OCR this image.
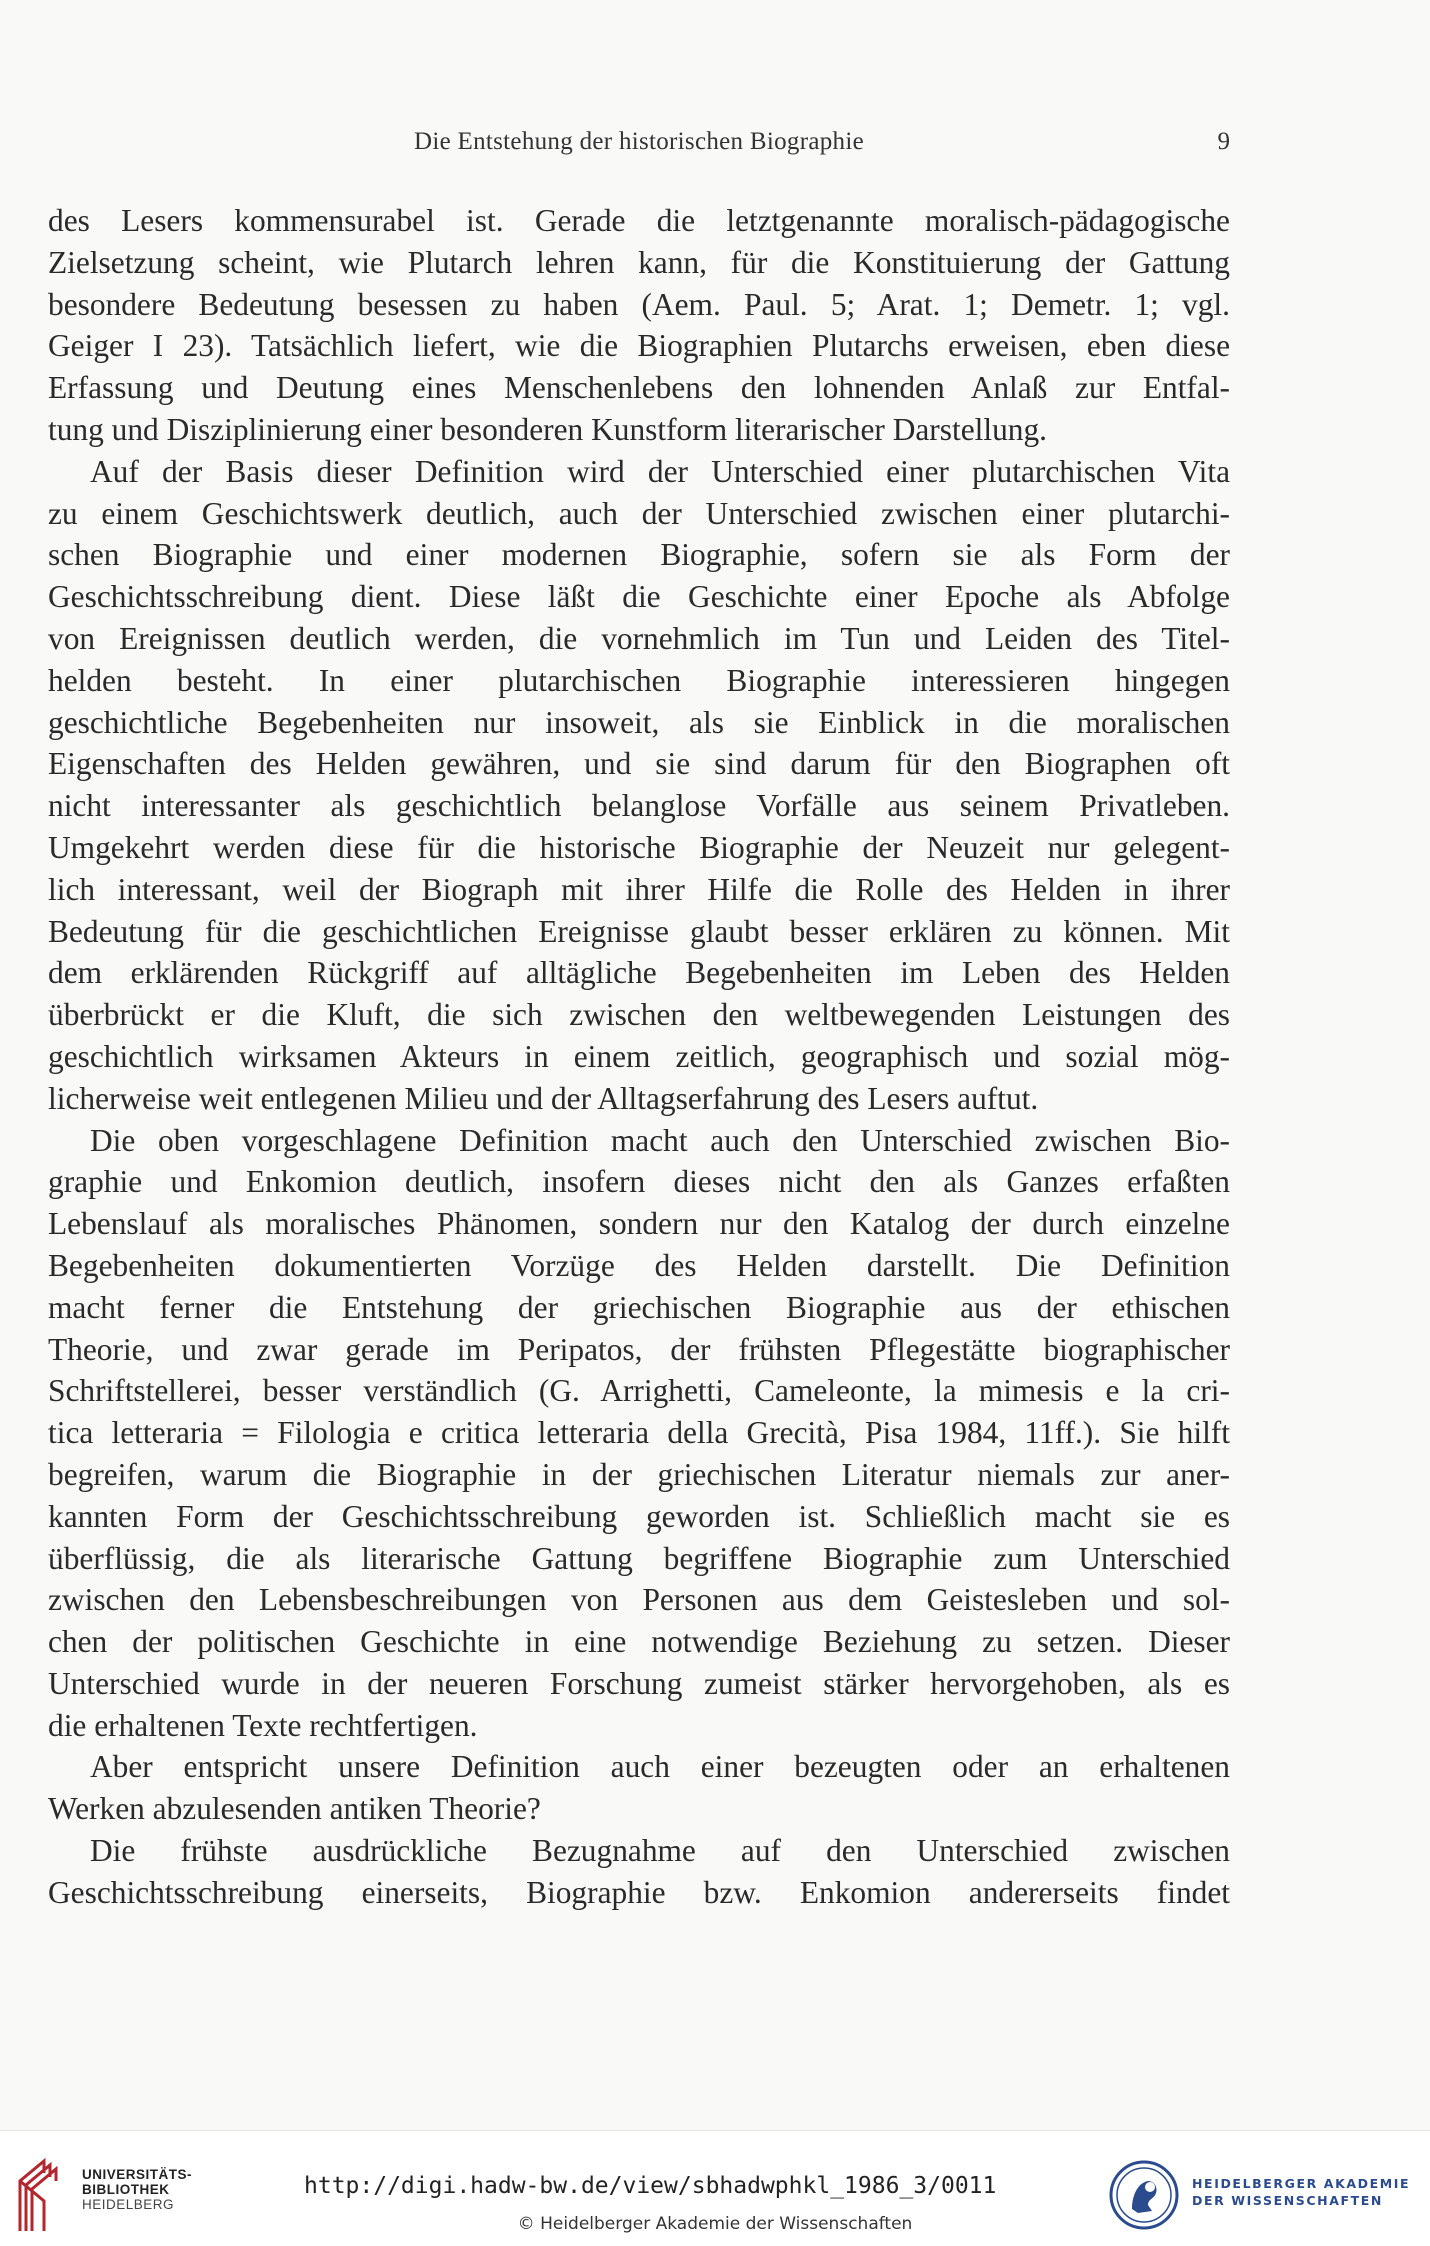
Die Entstehung der historischen Biographie	9
des Lesers kommensurabel ist. Gerade die letztgenannte moralisch-pädagogische
Zielsetzung scheint, wie Plutarch lehren kann, für die Konstituierung der Gattung
besondere Bedeutung besessen zu haben (Aem. Paul. 5; Arat. 1; Demetr. 1; vgl.
Geiger I 23). Tatsächlich liefert, wie die Biographien Plutarchs erweisen, eben diese
Erfassung und Deutung eines Menschenlebens den lohnenden Anlaß zur Entfal-
tung und Disziplinierung einer besonderen Kunstform literarischer Darstellung.
Auf der Basis dieser Definition wird der Unterschied einer plutarchischen Vita
zu einem Geschichtswerk deutlich, auch der Unterschied zwischen einer plutarchi-
schen Biographie und einer modernen Biographie, sofern sie als Form der
Geschichtsschreibung dient. Diese läßt die Geschichte einer Epoche als Abfolge
von Ereignissen deutlich werden, die vornehmlich im Tun und Leiden des Titel-
helden besteht. In einer plutarchischen Biographie interessieren hingegen
geschichtliche Begebenheiten nur insoweit, als sie Einblick in die moralischen
Eigenschaften des Helden gewähren, und sie sind darum für den Biographen oft
nicht interessanter als geschichtlich belanglose Vorfälle aus seinem Privatleben.
Umgekehrt werden diese für die historische Biographie der Neuzeit nur gelegent-
lich interessant, weil der Biograph mit ihrer Hilfe die Rolle des Helden in ihrer
Bedeutung für die geschichtlichen Ereignisse glaubt besser erklären zu können. Mit
dem erklärenden Rückgriff auf alltägliche Begebenheiten im Leben des Helden
überbrückt er die Kluft, die sich zwischen den weltbewegenden Leistungen des
geschichtlich wirksamen Akteurs in einem zeitlich, geographisch und sozial mög-
licherweise weit entlegenen Milieu und der Alltagserfahrung des Lesers auftut.
Die oben vorgeschlagene Definition macht auch den Unterschied zwischen Bio-
graphie und Enkomion deutlich, insofern dieses nicht den als Ganzes erfaßten
Lebenslauf als moralisches Phänomen, sondern nur den Katalog der durch einzelne
Begebenheiten dokumentierten Vorzüge des Helden darstellt. Die Definition
macht ferner die Entstehung der griechischen Biographie aus der ethischen
Theorie, und zwar gerade im Peripatos, der frühsten Pflegestätte biographischer
Schriftstellerei, besser verständlich (G. Arrighetti, Cameleonte, la mimesis e la cri-
tica letteraria = Filologia e critica letteraria della Grecità, Pisa 1984, 11ff.). Sie hilft
begreifen, warum die Biographie in der griechischen Literatur niemals zur aner-
kannten Form der Geschichtsschreibung geworden ist. Schließlich macht sie es
überflüssig, die als literarische Gattung begriffene Biographie zum Unterschied
zwischen den Lebensbeschreibungen von Personen aus dem Geistesleben und sol-
chen der politischen Geschichte in eine notwendige Beziehung zu setzen. Dieser
Unterschied wurde in der neueren Forschung zumeist stärker hervorgehoben, als es
die erhaltenen Texte rechtfertigen.
Aber entspricht unsere Definition auch einer bezeugten oder an erhaltenen
Werken abzulesenden antiken Theorie?
Die frühste ausdrückliche Bezugnahme auf den Unterschied zwischen
Geschichtsschreibung einerseits, Biographie bzw. Enkomion andererseits findet
UNIVERSITÄTS-
BIBLIOTHEK
HEIDELBERG
http://digi.hadw-bw.de/view/sbhadwphkl_1986_3/0011
© Heidelberger Akademie der Wissenschaften
HEIDELBERGER AKADEMIE
DER WISSENSCHAFTEN
